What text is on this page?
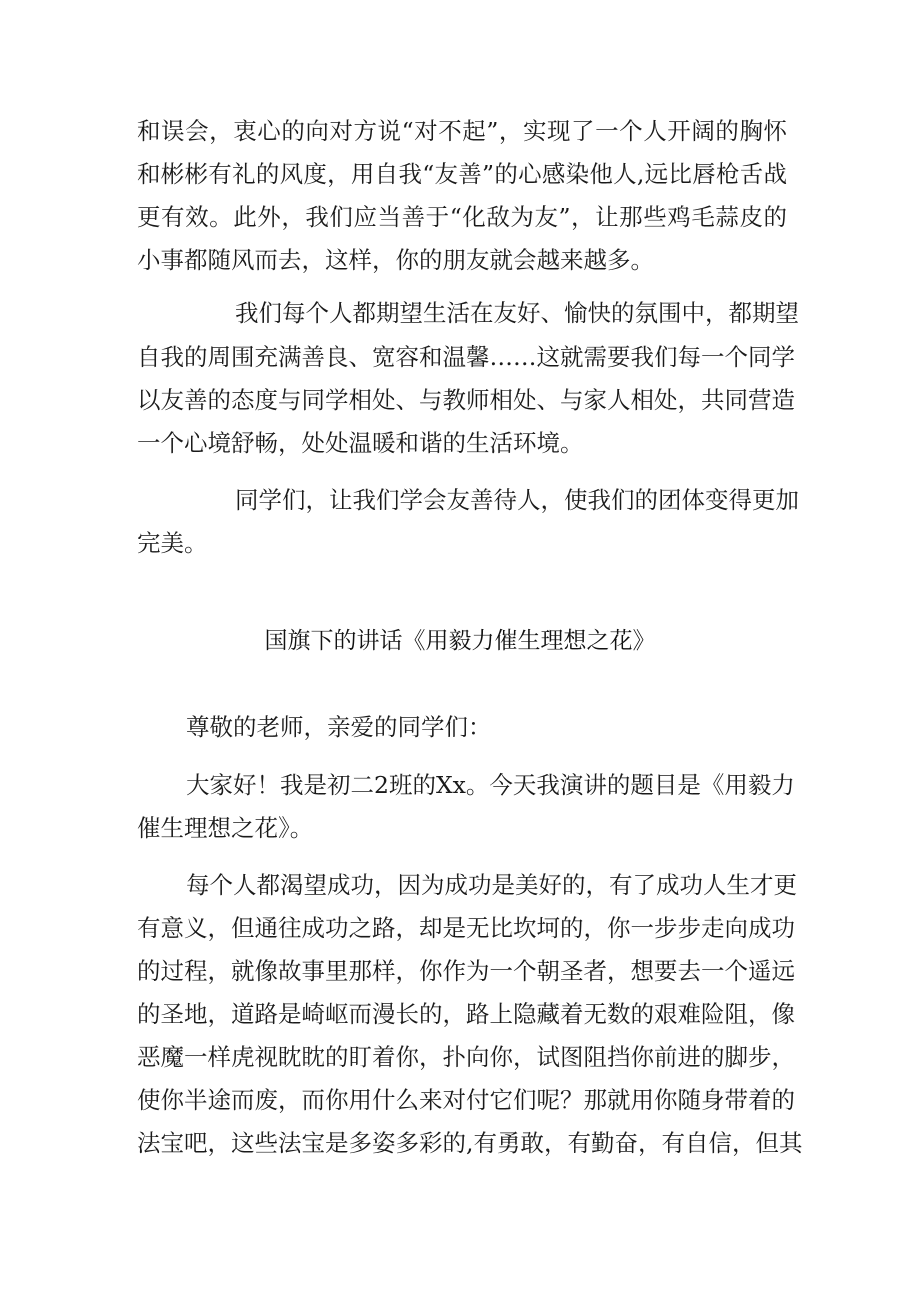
和误会，衷心的向对方说“对不起”，实现了一个人开阔的胸怀
和彬彬有礼的风度，用自我“友善”的心感染他人,远比唇枪舌战
更有效。此外，我们应当善于“化敌为友”，让那些鸡毛蒜皮的
小事都随风而去，这样，你的朋友就会越来越多。
我们每个人都期望生活在友好、愉快的氛围中，都期望
自我的周围充满善良、宽容和温馨……这就需要我们每一个同学
以友善的态度与同学相处、与教师相处、与家人相处，共同营造
一个心境舒畅，处处温暖和谐的生活环境。
同学们，让我们学会友善待人，使我们的团体变得更加
完美。
国旗下的讲话《用毅力催生理想之花》
尊敬的老师，亲爱的同学们：
大家好！我是初二2班的Xx。今天我演讲的题目是《用毅力
催生理想之花》。
每个人都渴望成功，因为成功是美好的，有了成功人生才更
有意义，但通往成功之路，却是无比坎坷的，你一步步走向成功
的过程，就像故事里那样，你作为一个朝圣者，想要去一个遥远
的圣地，道路是崎岖而漫长的，路上隐藏着无数的艰难险阻，像
恶魔一样虎视眈眈的盯着你，扑向你，试图阻挡你前进的脚步，
使你半途而废，而你用什么来对付它们呢？那就用你随身带着的
法宝吧，这些法宝是多姿多彩的,有勇敢，有勤奋，有自信，但其
